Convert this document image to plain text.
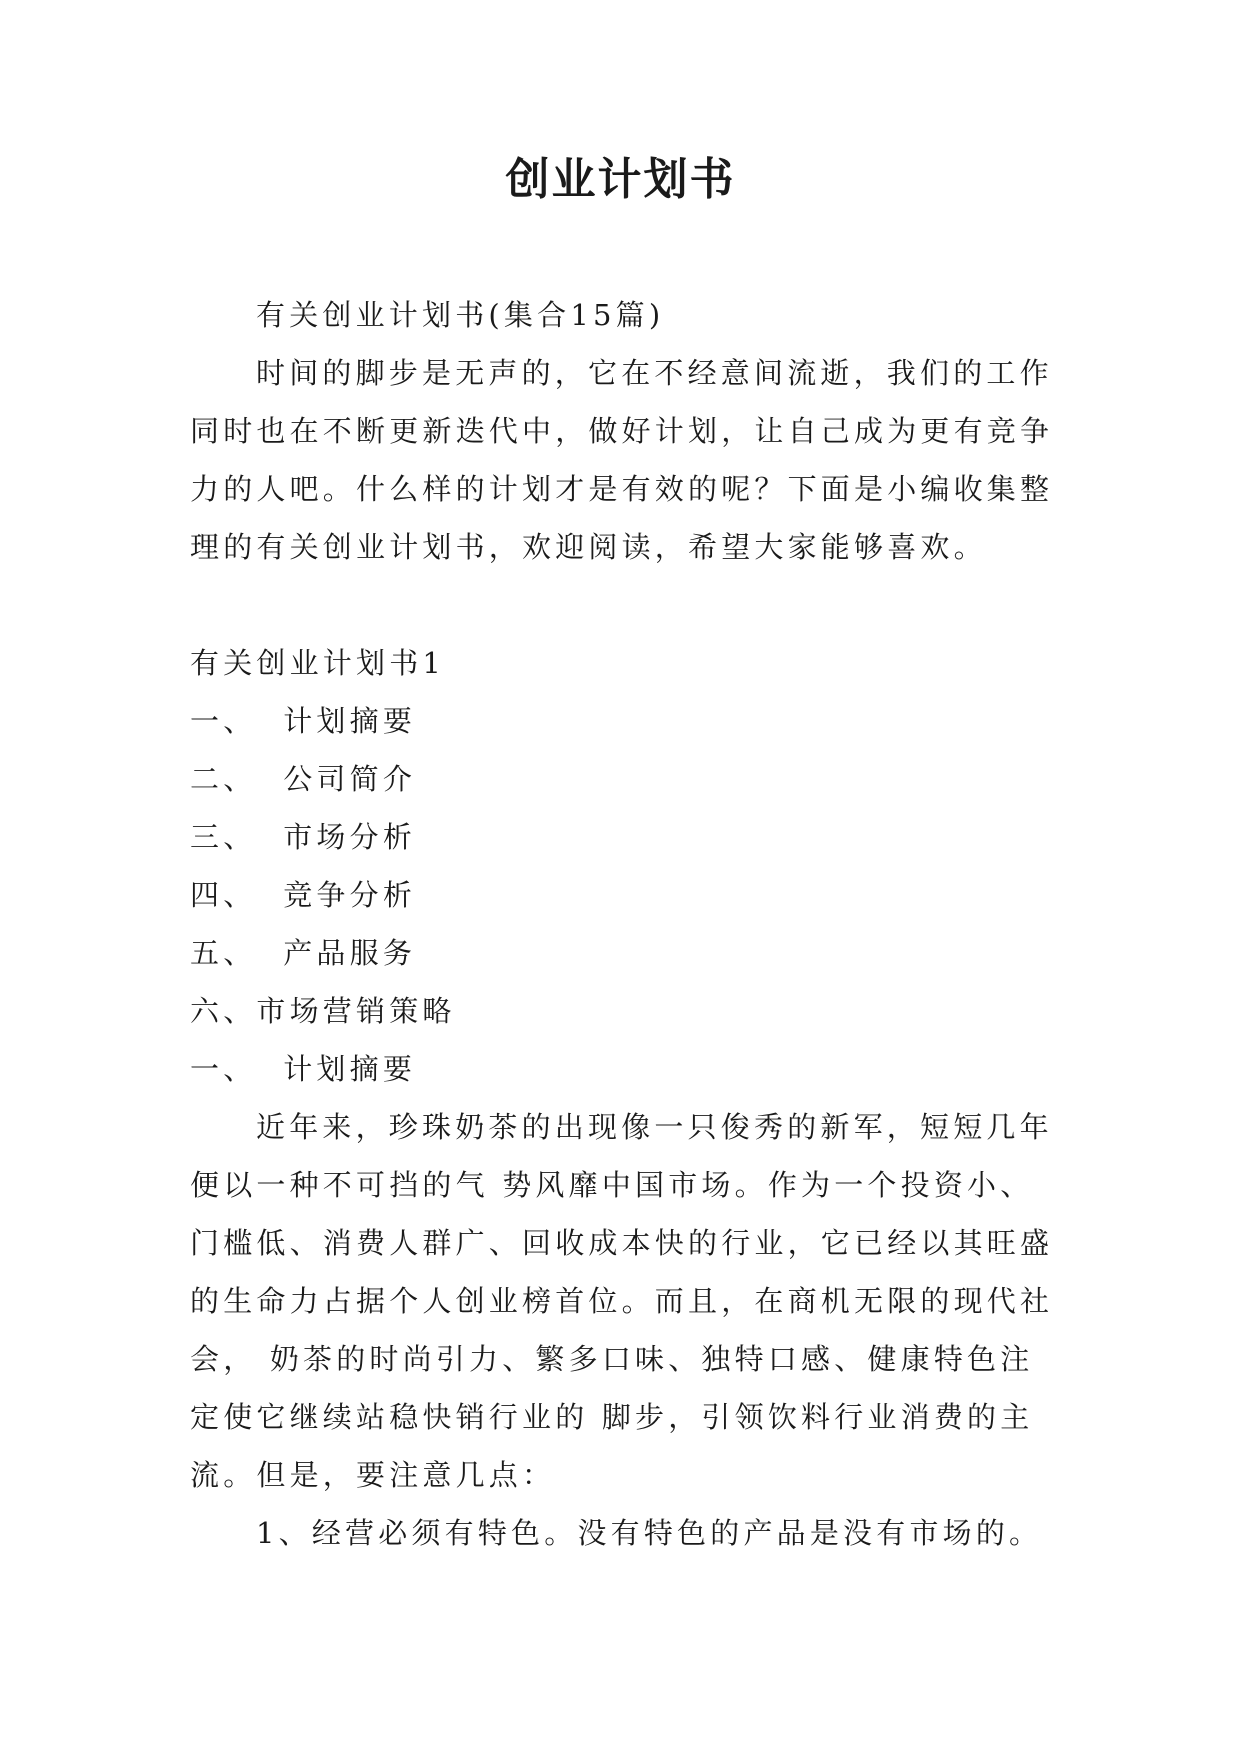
创业计划书

有关创业计划书(集合15篇)

时间的脚步是无声的，它在不经意间流逝，我们的工作同时也在不断更新迭代中，做好计划，让自己成为更有竞争力的人吧。什么样的计划才是有效的呢？下面是小编收集整理的有关创业计划书，欢迎阅读，希望大家能够喜欢。

有关创业计划书1

一、  计划摘要

二、  公司简介

三、  市场分析

四、  竞争分析

五、  产品服务

六、市场营销策略

一、  计划摘要

近年来，珍珠奶茶的出现像一只俊秀的新军，短短几年便以一种不可挡的气 势风靡中国市场。作为一个投资小、门槛低、消费人群广、回收成本快的行业，它已经以其旺盛的生命力占据个人创业榜首位。而且，在商机无限的现代社会， 奶茶的时尚引力、繁多口味、独特口感、健康特色注定使它继续站稳快销行业的 脚步，引领饮料行业消费的主流。但是，要注意几点：

1、经营必须有特色。没有特色的产品是没有市场的。
